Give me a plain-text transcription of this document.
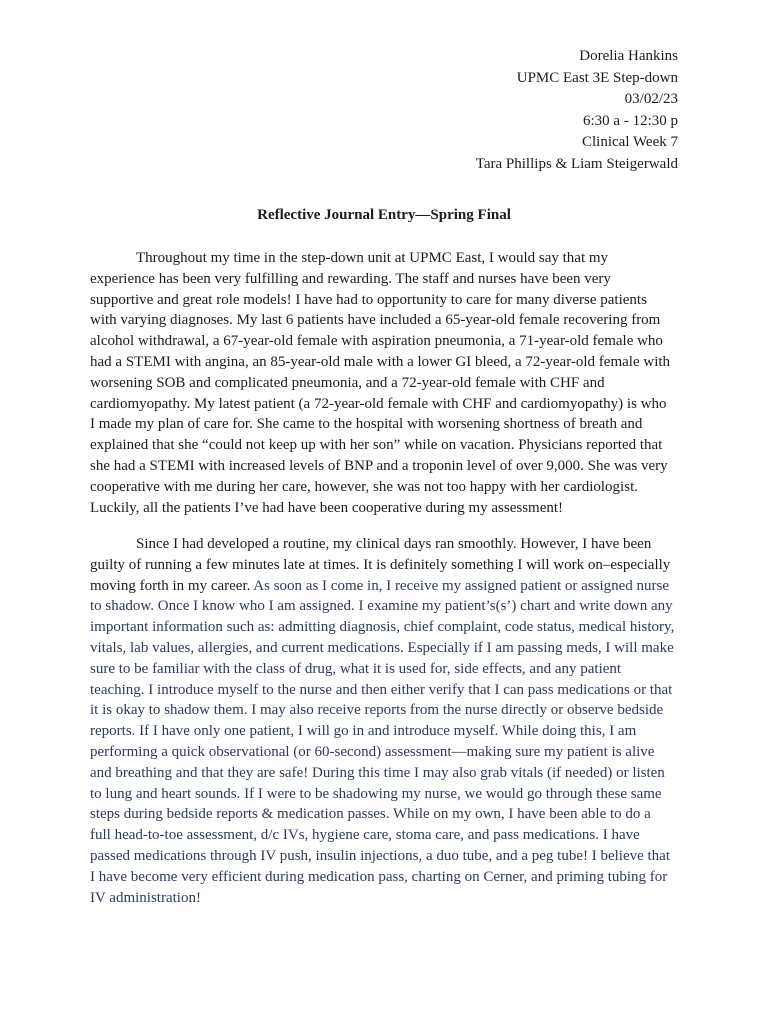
Dorelia Hankins
UPMC East 3E Step-down
03/02/23
6:30 a - 12:30 p
Clinical Week 7
Tara Phillips & Liam Steigerwald
Reflective Journal Entry—Spring Final
Throughout my time in the step-down unit at UPMC East, I would say that my
experience has been very fulfilling and rewarding. The staff and nurses have been very
supportive and great role models! I have had to opportunity to care for many diverse patients
with varying diagnoses. My last 6 patients have included a 65-year-old female recovering from
alcohol withdrawal, a 67-year-old female with aspiration pneumonia, a 71-year-old female who
had a STEMI with angina, an 85-year-old male with a lower GI bleed, a 72-year-old female with
worsening SOB and complicated pneumonia, and a 72-year-old female with CHF and
cardiomyopathy. My latest patient (a 72-year-old female with CHF and cardiomyopathy) is who
I made my plan of care for. She came to the hospital with worsening shortness of breath and
explained that she “could not keep up with her son” while on vacation. Physicians reported that
she had a STEMI with increased levels of BNP and a troponin level of over 9,000. She was very
cooperative with me during her care, however, she was not too happy with her cardiologist.
Luckily, all the patients I’ve had have been cooperative during my assessment!
Since I had developed a routine, my clinical days ran smoothly. However, I have been
guilty of running a few minutes late at times. It is definitely something I will work on–especially
moving forth in my career. As soon as I come in, I receive my assigned patient or assigned nurse
to shadow. Once I know who I am assigned. I examine my patient’s(s’) chart and write down any
important information such as: admitting diagnosis, chief complaint, code status, medical history,
vitals, lab values, allergies, and current medications. Especially if I am passing meds, I will make
sure to be familiar with the class of drug, what it is used for, side effects, and any patient
teaching. I introduce myself to the nurse and then either verify that I can pass medications or that
it is okay to shadow them. I may also receive reports from the nurse directly or observe bedside
reports. If I have only one patient, I will go in and introduce myself. While doing this, I am
performing a quick observational (or 60-second) assessment—making sure my patient is alive
and breathing and that they are safe! During this time I may also grab vitals (if needed) or listen
to lung and heart sounds. If I were to be shadowing my nurse, we would go through these same
steps during bedside reports & medication passes. While on my own, I have been able to do a
full head-to-toe assessment, d/c IVs, hygiene care, stoma care, and pass medications. I have
passed medications through IV push, insulin injections, a duo tube, and a peg tube! I believe that
I have become very efficient during medication pass, charting on Cerner, and priming tubing for
IV administration!
